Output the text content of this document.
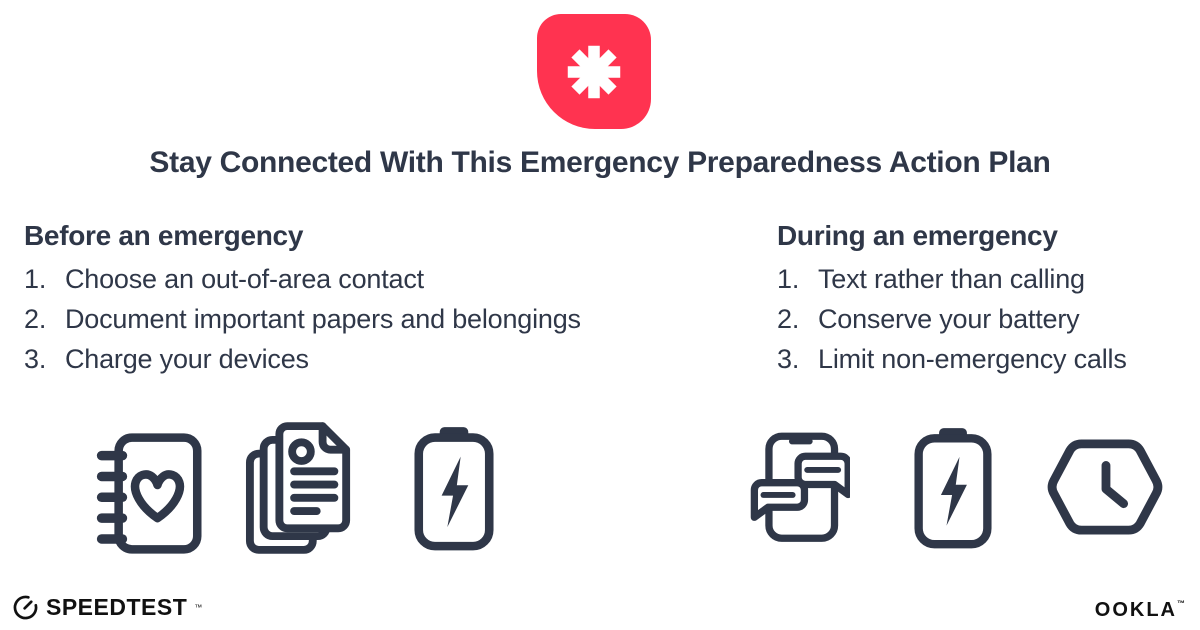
Stay Connected With This Emergency Preparedness Action Plan
Before an emergency
1. Choose an out-of-area contact
2. Document important papers and belongings
3. Charge your devices
During an emergency
1. Text rather than calling
2. Conserve your battery
3. Limit non-emergency calls
SPEEDTEST ™	OOKLA™
